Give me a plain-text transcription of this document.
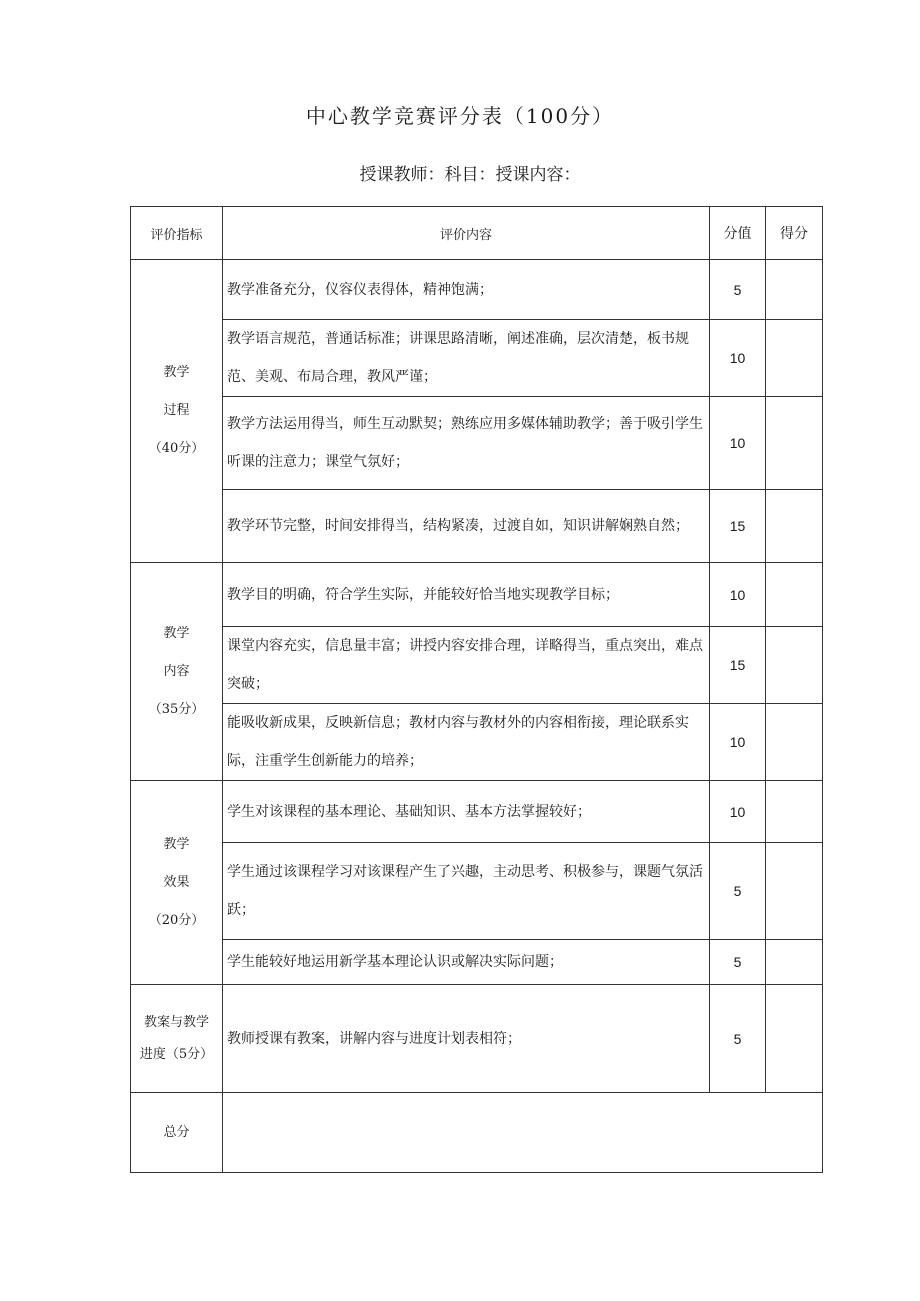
中心教学竞赛评分表（100分）
授课教师：科目：授课内容：
评价指标	评价内容	分值	得分

教学
过程
（40分）	教学准备充分，仪容仪表得体，精神饱满；	5	
	教学语言规范，普通话标准；讲课思路清晰，阐述准确，层次清楚，板书规范、美观、布局合理，教风严谨；	10	
	教学方法运用得当，师生互动默契；熟练应用多媒体辅助教学；善于吸引学生听课的注意力；课堂气氛好；	10	
	教学环节完整，时间安排得当，结构紧凑，过渡自如，知识讲解娴熟自然；	15	

教学
内容
（35分）	教学目的明确，符合学生实际，并能较好恰当地实现教学目标；	10	
	课堂内容充实，信息量丰富；讲授内容安排合理，详略得当，重点突出，难点突破；	15	
	能吸收新成果，反映新信息；教材内容与教材外的内容相衔接，理论联系实际，注重学生创新能力的培养；	10	

教学
效果
（20分）	学生对该课程的基本理论、基础知识、基本方法掌握较好；	10	
	学生通过该课程学习对该课程产生了兴趣，主动思考、积极参与，课题气氛活跃；	5	
	学生能较好地运用新学基本理论认识或解决实际问题；	5	

教案与教学
进度（5分）	教师授课有教案，讲解内容与进度计划表相符；	5	
总分			
